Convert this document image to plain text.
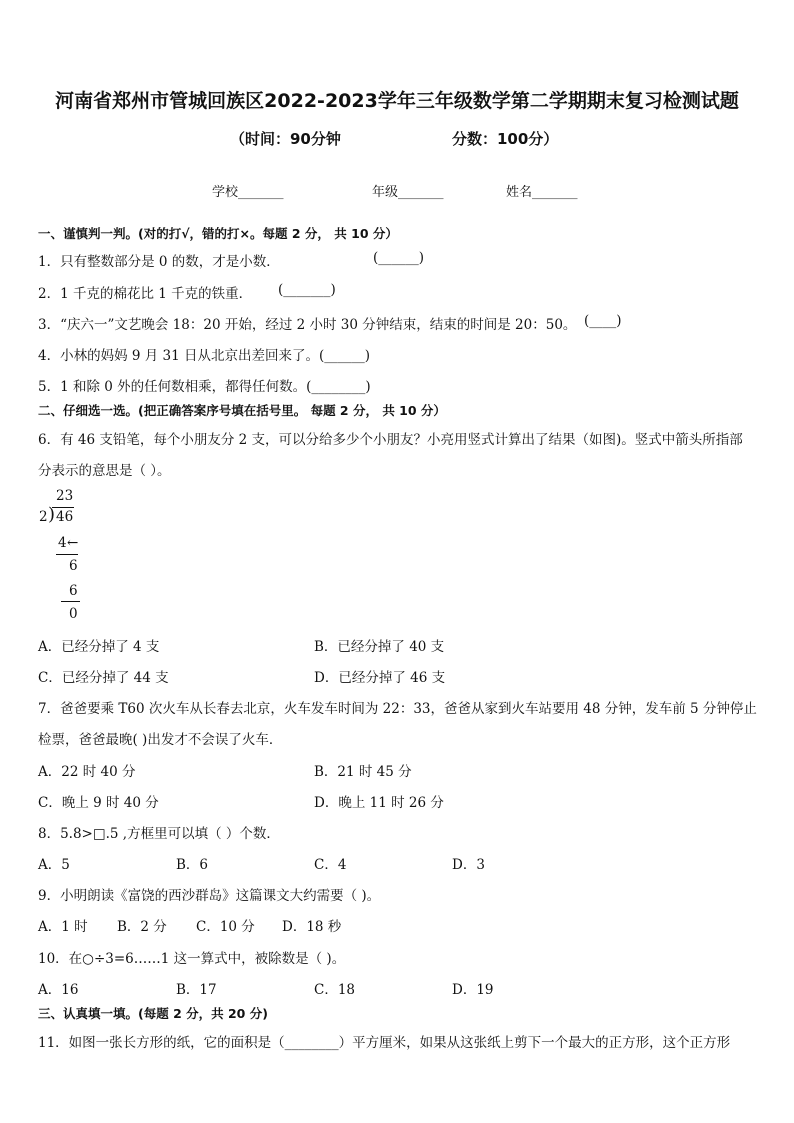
河南省郑州市管城回族区2022-2023学年三年级数学第二学期期末复习检测试题
（时间：90分钟	分数：100分）
学校_______	年级_______	姓名_______
一、谨慎判一判。(对的打√，错的打×。每题 2 分， 共 10 分）
1．只有整数部分是 0 的数，才是小数．	(______)
2．1 千克的棉花比 1 千克的铁重． (_______)
3．“庆六一”文艺晚会 18：20 开始，经过 2 小时 30 分钟结束，结束的时间是 20：50。 (____)
4．小林的妈妈 9 月 31 日从北京出差回来了。(______)
5．1 和除 0 外的任何数相乘，都得任何数。(________)
二、仔细选一选。(把正确答案序号填在括号里。 每题 2 分， 共 10 分）
6．有 46 支铅笔，每个小朋友分 2 支，可以分给多少个小朋友？小亮用竖式计算出了结果（如图)。竖式中箭头所指部
分表示的意思是（ ）。
23
2 ) 46
4 ←
6
6
0
A．已经分掉了 4 支	B．已经分掉了 40 支
C．已经分掉了 44 支	D．已经分掉了 46 支
7．爸爸要乘 T60 次火车从长春去北京，火车发车时间为 22：33，爸爸从家到火车站要用 48 分钟，发车前 5 分钟停止
检票，爸爸最晚( )出发才不会误了火车．
A．22 时 40 分	B．21 时 45 分
C．晚上 9 时 40 分	D．晚上 11 时 26 分
8．5.8>□.5 ,方框里可以填（ ）个数．
A．5	B．6	C．4	D．3
9．小明朗读《富饶的西沙群岛》这篇课文大约需要（ )。
A．1 时 B．2 分 C．10 分 D．18 秒
10．在○÷3=6……1 这一算式中，被除数是（ )。
A．16	B．17	C．18	D．19
三、认真填一填。(每题 2 分，共 20 分)
11．如图一张长方形的纸，它的面积是（________）平方厘米，如果从这张纸上剪下一个最大的正方形，这个正方形
